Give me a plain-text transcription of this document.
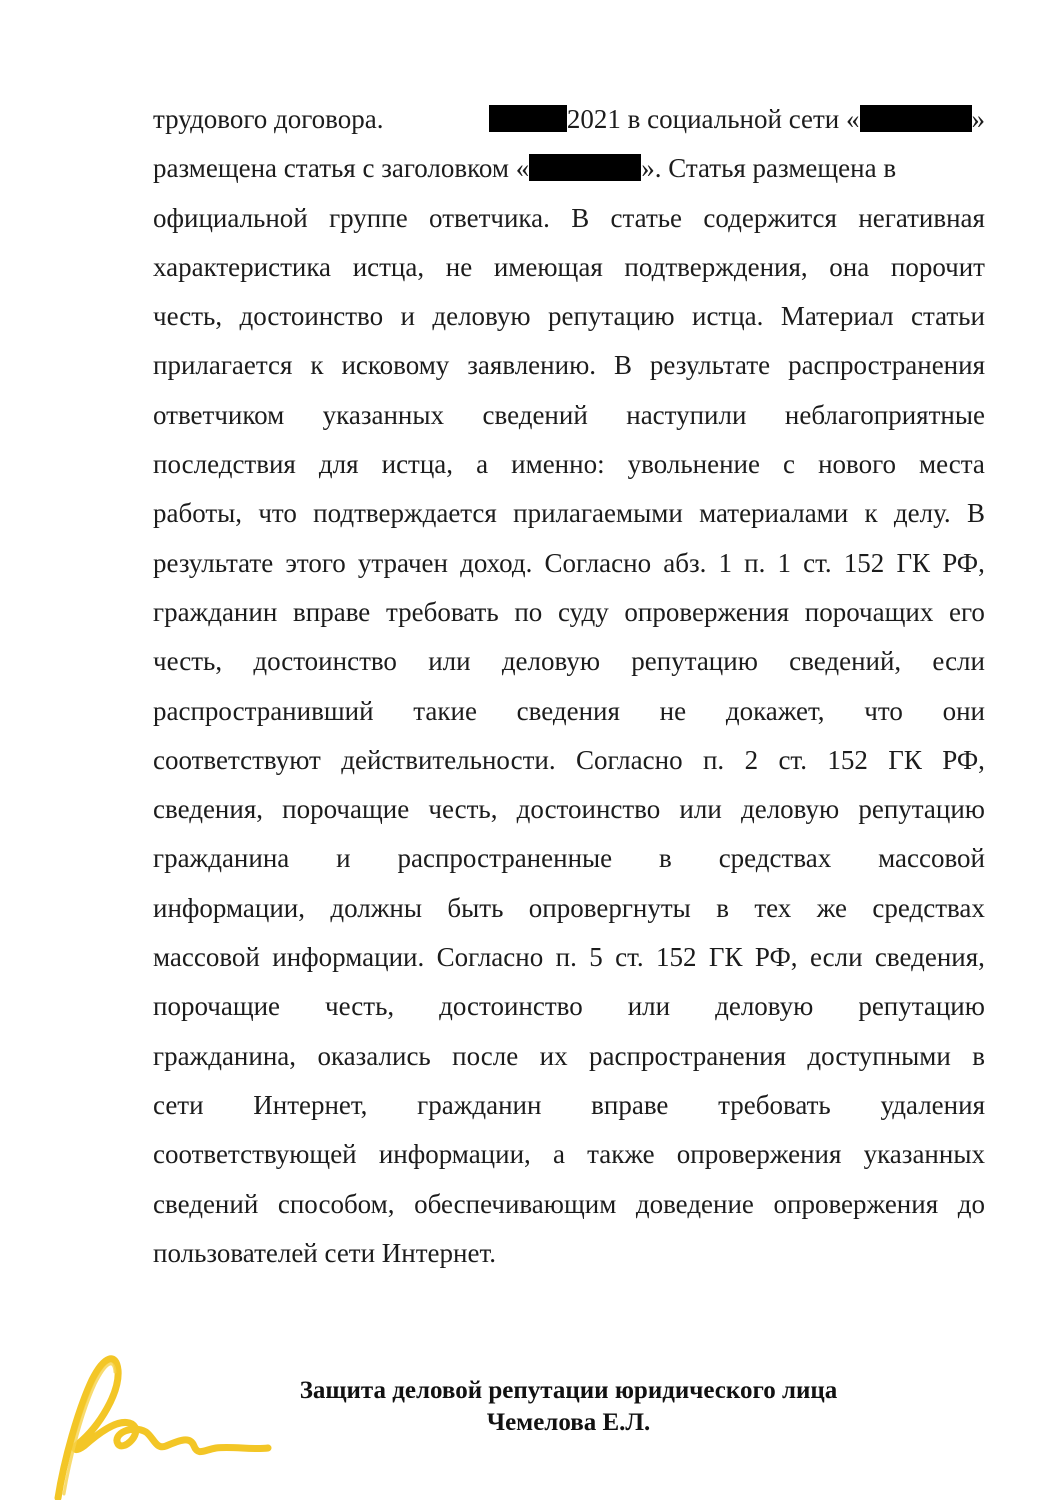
трудового договора.	2021 в социальной сети «	»
размещена статья с заголовком «	». Статья размещена в
официальной группе ответчика. В статье содержится негативная
характеристика истца, не имеющая подтверждения, она порочит
честь, достоинство и деловую репутацию истца. Материал статьи
прилагается к исковому заявлению. В результате распространения
ответчиком указанных сведений наступили неблагоприятные
последствия для истца, а именно: увольнение с нового места
работы, что подтверждается прилагаемыми материалами к делу. В
результате этого утрачен доход. Согласно абз. 1 п. 1 ст. 152 ГК РФ,
гражданин вправе требовать по суду опровержения порочащих его
честь, достоинство или деловую репутацию сведений, если
распространивший такие сведения не докажет, что они
соответствуют действительности. Согласно п. 2 ст. 152 ГК РФ,
сведения, порочащие честь, достоинство или деловую репутацию
гражданина и распространенные в средствах массовой
информации, должны быть опровергнуты в тех же средствах
массовой информации. Согласно п. 5 ст. 152 ГК РФ, если сведения,
порочащие честь, достоинство или деловую репутацию
гражданина, оказались после их распространения доступными в
сети Интернет, гражданин вправе требовать удаления
соответствующей информации, а также опровержения указанных
сведений способом, обеспечивающим доведение опровержения до
пользователей сети Интернет.
Защита деловой репутации юридического лица
Чемелова Е.Л.
